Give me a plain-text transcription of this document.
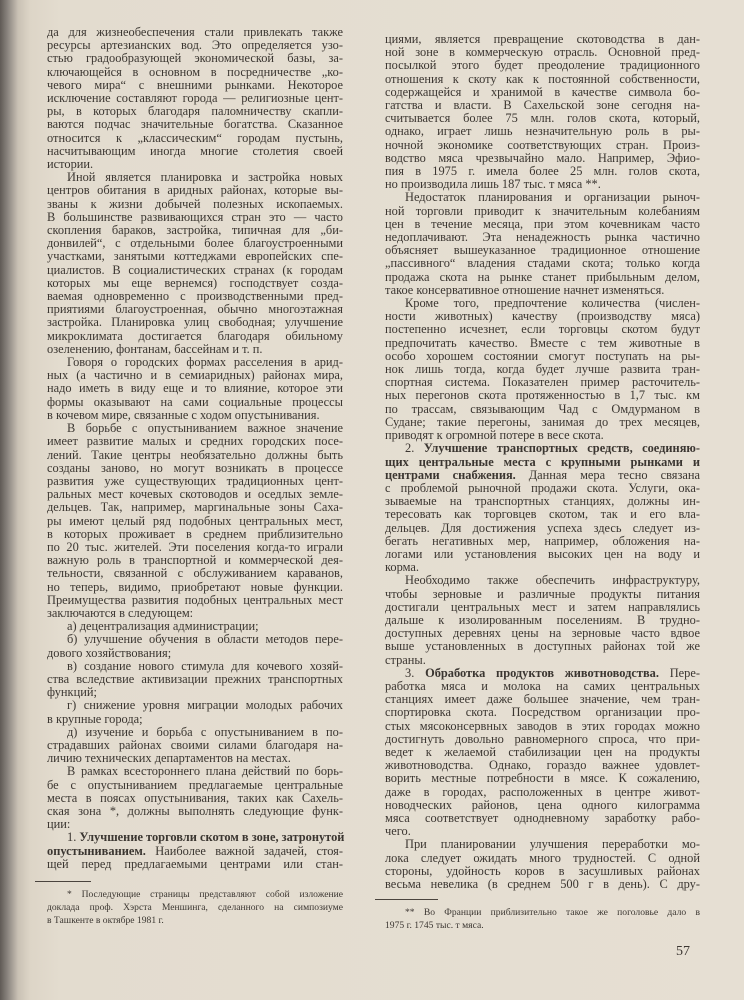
да для жизнеобеспечения стали привлекать также
ресурсы артезианских вод. Это определяется узо-
стью градообразующей экономической базы, за-
ключающейся в основном в посредничестве „ко-
чевого мира“ с внешними рынками. Некоторое
исключение составляют города — религиозные цент-
ры, в которых благодаря паломничеству скапли-
ваются подчас значительные богатства. Сказанное
относится к „классическим“ городам пустынь,
насчитывающим иногда многие столетия своей
истории.
Иной является планировка и застройка новых
центров обитания в аридных районах, которые вы-
званы к жизни добычей полезных ископаемых.
В большинстве развивающихся стран это — часто
скопления бараков, застройка, типичная для „би-
донвилей“, с отдельными более благоустроенными
участками, занятыми коттеджами европейских спе-
циалистов. В социалистических странах (к городам
которых мы еще вернемся) господствует созда-
ваемая одновременно с производственными пред-
приятиями благоустроенная, обычно многоэтажная
застройка. Планировка улиц свободная; улучшение
микроклимата достигается благодаря обильному
озеленению, фонтанам, бассейнам и т. п.
Говоря о городских формах расселения в арид-
ных (а частично и в семиаридных) районах мира,
надо иметь в виду еще и то влияние, которое эти
формы оказывают на сами социальные процессы
в кочевом мире, связанные с ходом опустынивания.
В борьбе с опустыниванием важное значение
имеет развитие малых и средних городских посе-
лений. Такие центры необязательно должны быть
созданы заново, но могут возникать в процессе
развития уже существующих традиционных цент-
ральных мест кочевых скотоводов и оседлых земле-
дельцев. Так, например, маргинальные зоны Саха-
ры имеют целый ряд подобных центральных мест,
в которых проживает в среднем приблизительно
по 20 тыс. жителей. Эти поселения когда-то играли
важную роль в транспортной и коммерческой дея-
тельности, связанной с обслуживанием караванов,
но теперь, видимо, приобретают новые функции.
Преимущества развития подобных центральных мест
заключаются в следующем:
а) децентрализация администрации;
б) улучшение обучения в области методов пере-
дового хозяйствования;
в) создание нового стимула для кочевого хозяй-
ства вследствие активизации прежних транспортных
функций;
г) снижение уровня миграции молодых рабочих
в крупные города;
д) изучение и борьба с опустыниванием в по-
страдавших районах своими силами благодаря на-
личию технических департаментов на местах.
В рамках всестороннего плана действий по борь-
бе с опустыниванием предлагаемые центральные
места в поясах опустынивания, таких как Сахель-
ская зона *, должны выполнять следующие функ-
ции:
1. Улучшение торговли скотом в зоне, затронутой
опустыниванием. Наиболее важной задачей, стоя-
щей перед предлагаемыми центрами или стан-
циями, является превращение скотоводства в дан-
ной зоне в коммерческую отрасль. Основной пред-
посылкой этого будет преодоление традиционного
отношения к скоту как к постоянной собственности,
содержащейся и хранимой в качестве символа бо-
гатства и власти. В Сахельской зоне сегодня на-
считывается более 75 млн. голов скота, который,
однако, играет лишь незначительную роль в ры-
ночной экономике соответствующих стран. Произ-
водство мяса чрезвычайно мало. Например, Эфио-
пия в 1975 г. имела более 25 млн. голов скота,
но производила лишь 187 тыс. т мяса **.
Недостаток планирования и организации рыноч-
ной торговли приводит к значительным колебаниям
цен в течение месяца, при этом кочевникам часто
недоплачивают. Эта ненадежность рынка частично
объясняет вышеуказанное традиционное отношение
„пассивного“ владения стадами скота; только когда
продажа скота на рынке станет прибыльным делом,
такое консервативное отношение начнет изменяться.
Кроме того, предпочтение количества (числен-
ности животных) качеству (производству мяса)
постепенно исчезнет, если торговцы скотом будут
предпочитать качество. Вместе с тем животные в
особо хорошем состоянии смогут поступать на ры-
нок лишь тогда, когда будет лучше развита тран-
спортная система. Показателен пример расточитель-
ных перегонов скота протяженностью в 1,7 тыс. км
по трассам, связывающим Чад с Омдурманом в
Судане; такие перегоны, занимая до трех месяцев,
приводят к огромной потере в весе скота.
2. Улучшение транспортных средств, соединяю-
щих центральные места с крупными рынками и
центрами снабжения. Данная мера тесно связана
с проблемой рыночной продажи скота. Услуги, ока-
зываемые на транспортных станциях, должны ин-
тересовать как торговцев скотом, так и его вла-
дельцев. Для достижения успеха здесь следует из-
бегать негативных мер, например, обложения на-
логами или установления высоких цен на воду и
корма.
Необходимо также обеспечить инфраструктуру,
чтобы зерновые и различные продукты питания
достигали центральных мест и затем направлялись
дальше к изолированным поселениям. В трудно-
доступных деревнях цены на зерновые часто вдвое
выше установленных в доступных районах той же
страны.
3. Обработка продуктов животноводства. Пере-
работка мяса и молока на самих центральных
станциях имеет даже большее значение, чем тран-
спортировка скота. Посредством организации про-
стых мясоконсервных заводов в этих городах можно
достигнуть довольно равномерного спроса, что при-
ведет к желаемой стабилизации цен на продукты
животноводства. Однако, гораздо важнее удовлет-
ворить местные потребности в мясе. К сожалению,
даже в городах, расположенных в центре живот-
новодческих районов, цена одного килограмма
мяса соответствует однодневному заработку рабо-
чего.
При планировании улучшения переработки мо-
лока следует ожидать много трудностей. С одной
стороны, удойность коров в засушливых районах
весьма невелика (в среднем 500 г в день). С дру-
* Последующие страницы представляют собой изложение
доклада проф. Хэрста Меншинга, сделанного на симпозиуме
в Ташкенте в октябре 1981 г.
** Во Франции приблизительно такое же поголовье дало в
1975 г. 1745 тыс. т мяса.
57
